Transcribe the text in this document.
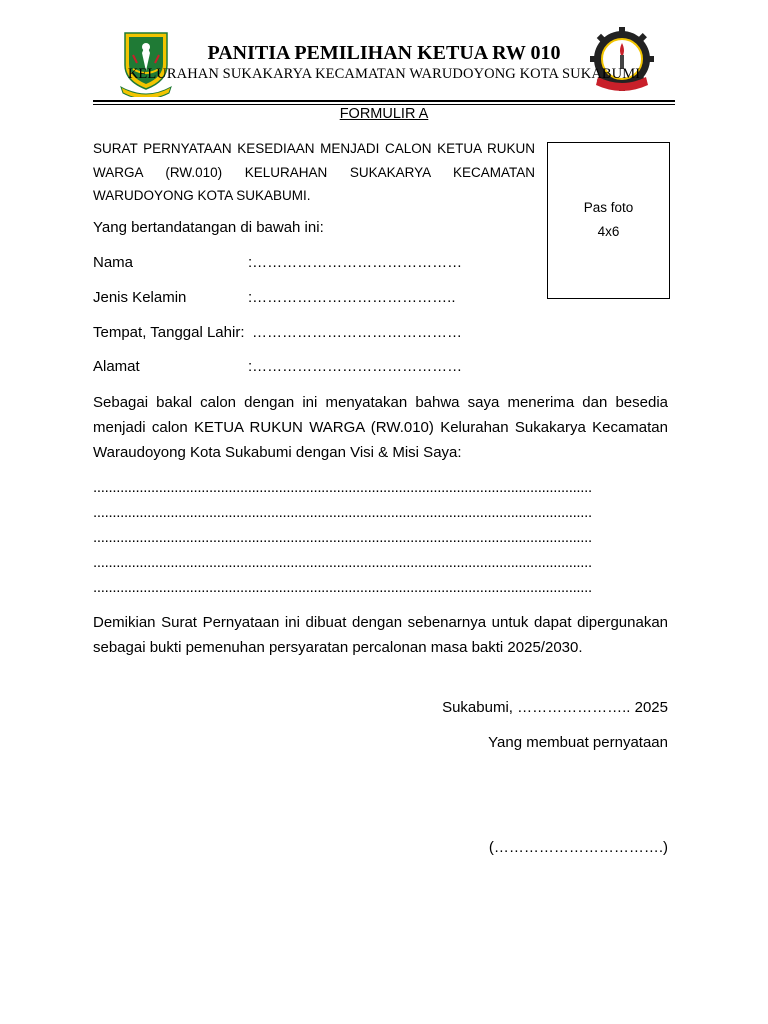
PANITIA PEMILIHAN KETUA RW 010
KELURAHAN SUKAKARYA KECAMATAN WARUDOYONG KOTA SUKABUMI
FORMULIR A
SURAT PERNYATAAN KESEDIAAN MENJADI CALON KETUA RUKUN WARGA (RW.010) KELURAHAN SUKAKARYA KECAMATAN WARUDOYONG KOTA SUKABUMI.
Pas foto
4x6
Yang bertandatangan di bawah ini:
Nama	:……………………………………
Jenis Kelamin	:…………………………………..
Tempat, Tanggal Lahir: ……………………………………
Alamat	:……………………………………
Sebagai bakal calon dengan ini menyatakan bahwa saya menerima dan besedia menjadi calon KETUA RUKUN WARGA (RW.010) Kelurahan Sukakarya Kecamatan Waraudoyong Kota Sukabumi dengan Visi & Misi Saya:
.................................................................................................................................
.................................................................................................................................
.................................................................................................................................
.................................................................................................................................
.................................................................................................................................
Demikian Surat Pernyataan ini dibuat dengan sebenarnya untuk dapat dipergunakan sebagai bukti pemenuhan persyaratan percalonan masa bakti 2025/2030.
Sukabumi, ………………….. 2025
Yang membuat pernyataan
(…………………………….)
